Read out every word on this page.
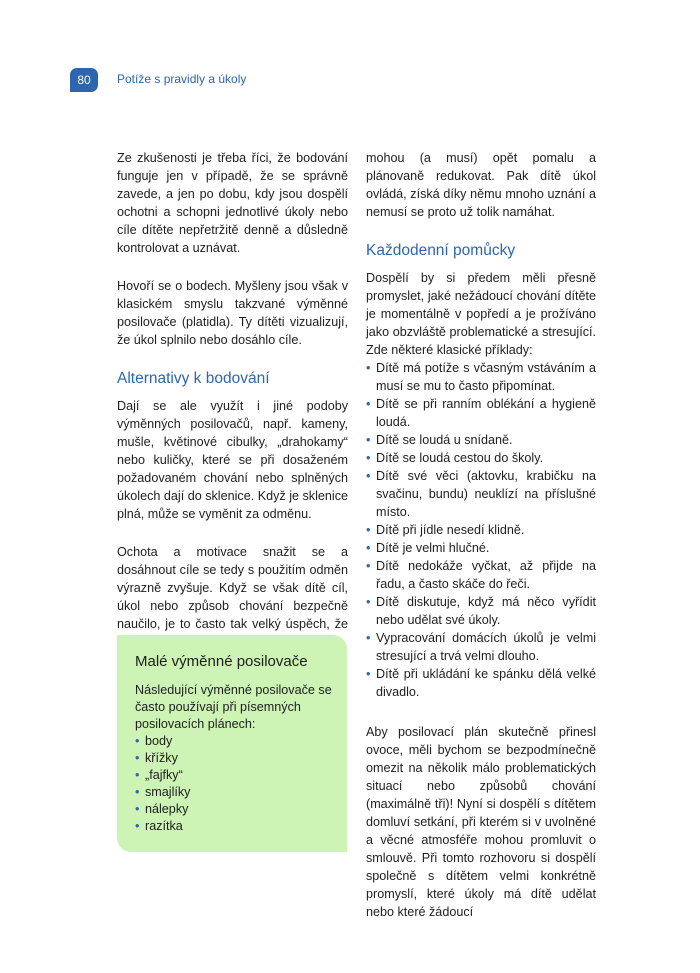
80	Potíže s pravidly a úkoly

Ze zkušenosti je třeba říci, že bodování funguje jen v případě, že se správně zavede, a jen po dobu, kdy jsou dospělí ochotni a schopni jednotlivé úkoly nebo cíle dítěte nepřetržitě denně a důsledně kontrolovat a uznávat.

Hovoří se o bodech. Myšleny jsou však v klasickém smyslu takzvané výměnné posilovače (platidla). Ty dítěti vizualizují, že úkol splnilo nebo dosáhlo cíle.

Alternativy k bodování

Dají se ale využít i jiné podoby výměnných posilovačů, např. kameny, mušle, květinové cibulky, „drahokamy“ nebo kuličky, které se při dosaženém požadovaném chování nebo splněných úkolech dají do sklenice. Když je sklenice plná, může se vyměnit za odměnu.

Ochota a motivace snažit se a dosáhnout cíle se tedy s použitím odměn výrazně zvyšuje. Když se však dítě cíl, úkol nebo způsob chování bezpečně naučilo, je to často tak velký úspěch, že

Malé výměnné posilovače

Následující výměnné posilovače se často používají při písemných posilovacích plánech:

• body
• křížky
• „fajfky“
• smajlíky
• nálepky
• razítka

mohou (a musí) opět pomalu a plánovaně redukovat. Pak dítě úkol ovládá, získá díky němu mnoho uznání a nemusí se proto už tolik namáhat.

Každodenní pomůcky

Dospělí by si předem měli přesně promyslet, jaké nežádoucí chování dítěte je momentálně v popředí a je prožíváno jako obzvláště problematické a stresující. Zde některé klasické příklady:

• Dítě má potíže s včasným vstáváním a musí se mu to často připomínat.
• Dítě se při ranním oblékání a hygieně loudá.
• Dítě se loudá u snídaně.
• Dítě se loudá cestou do školy.
• Dítě své věci (aktovku, krabičku na svačinu, bundu) neuklízí na příslušné místo.
• Dítě při jídle nesedí klidně.
• Dítě je velmi hlučné.
• Dítě nedokáže vyčkat, až přijde na řadu, a často skáče do řeči.
• Dítě diskutuje, když má něco vyřídit nebo udělat své úkoly.
• Vypracování domácích úkolů je velmi stresující a trvá velmi dlouho.
• Dítě při ukládání ke spánku dělá velké divadlo.

Aby posilovací plán skutečně přinesl ovoce, měli bychom se bezpodmínečně omezit na několik málo problematických situací nebo způsobů chování (maximálně tři)! Nyní si dospělí s dítětem domluví setkání, při kterém si v uvolněné a věcné atmosféře mohou promluvit o smlouvě. Při tomto rozhovoru si dospělí společně s dítětem velmi konkrétně promyslí, které úkoly má dítě udělat nebo které žádoucí
